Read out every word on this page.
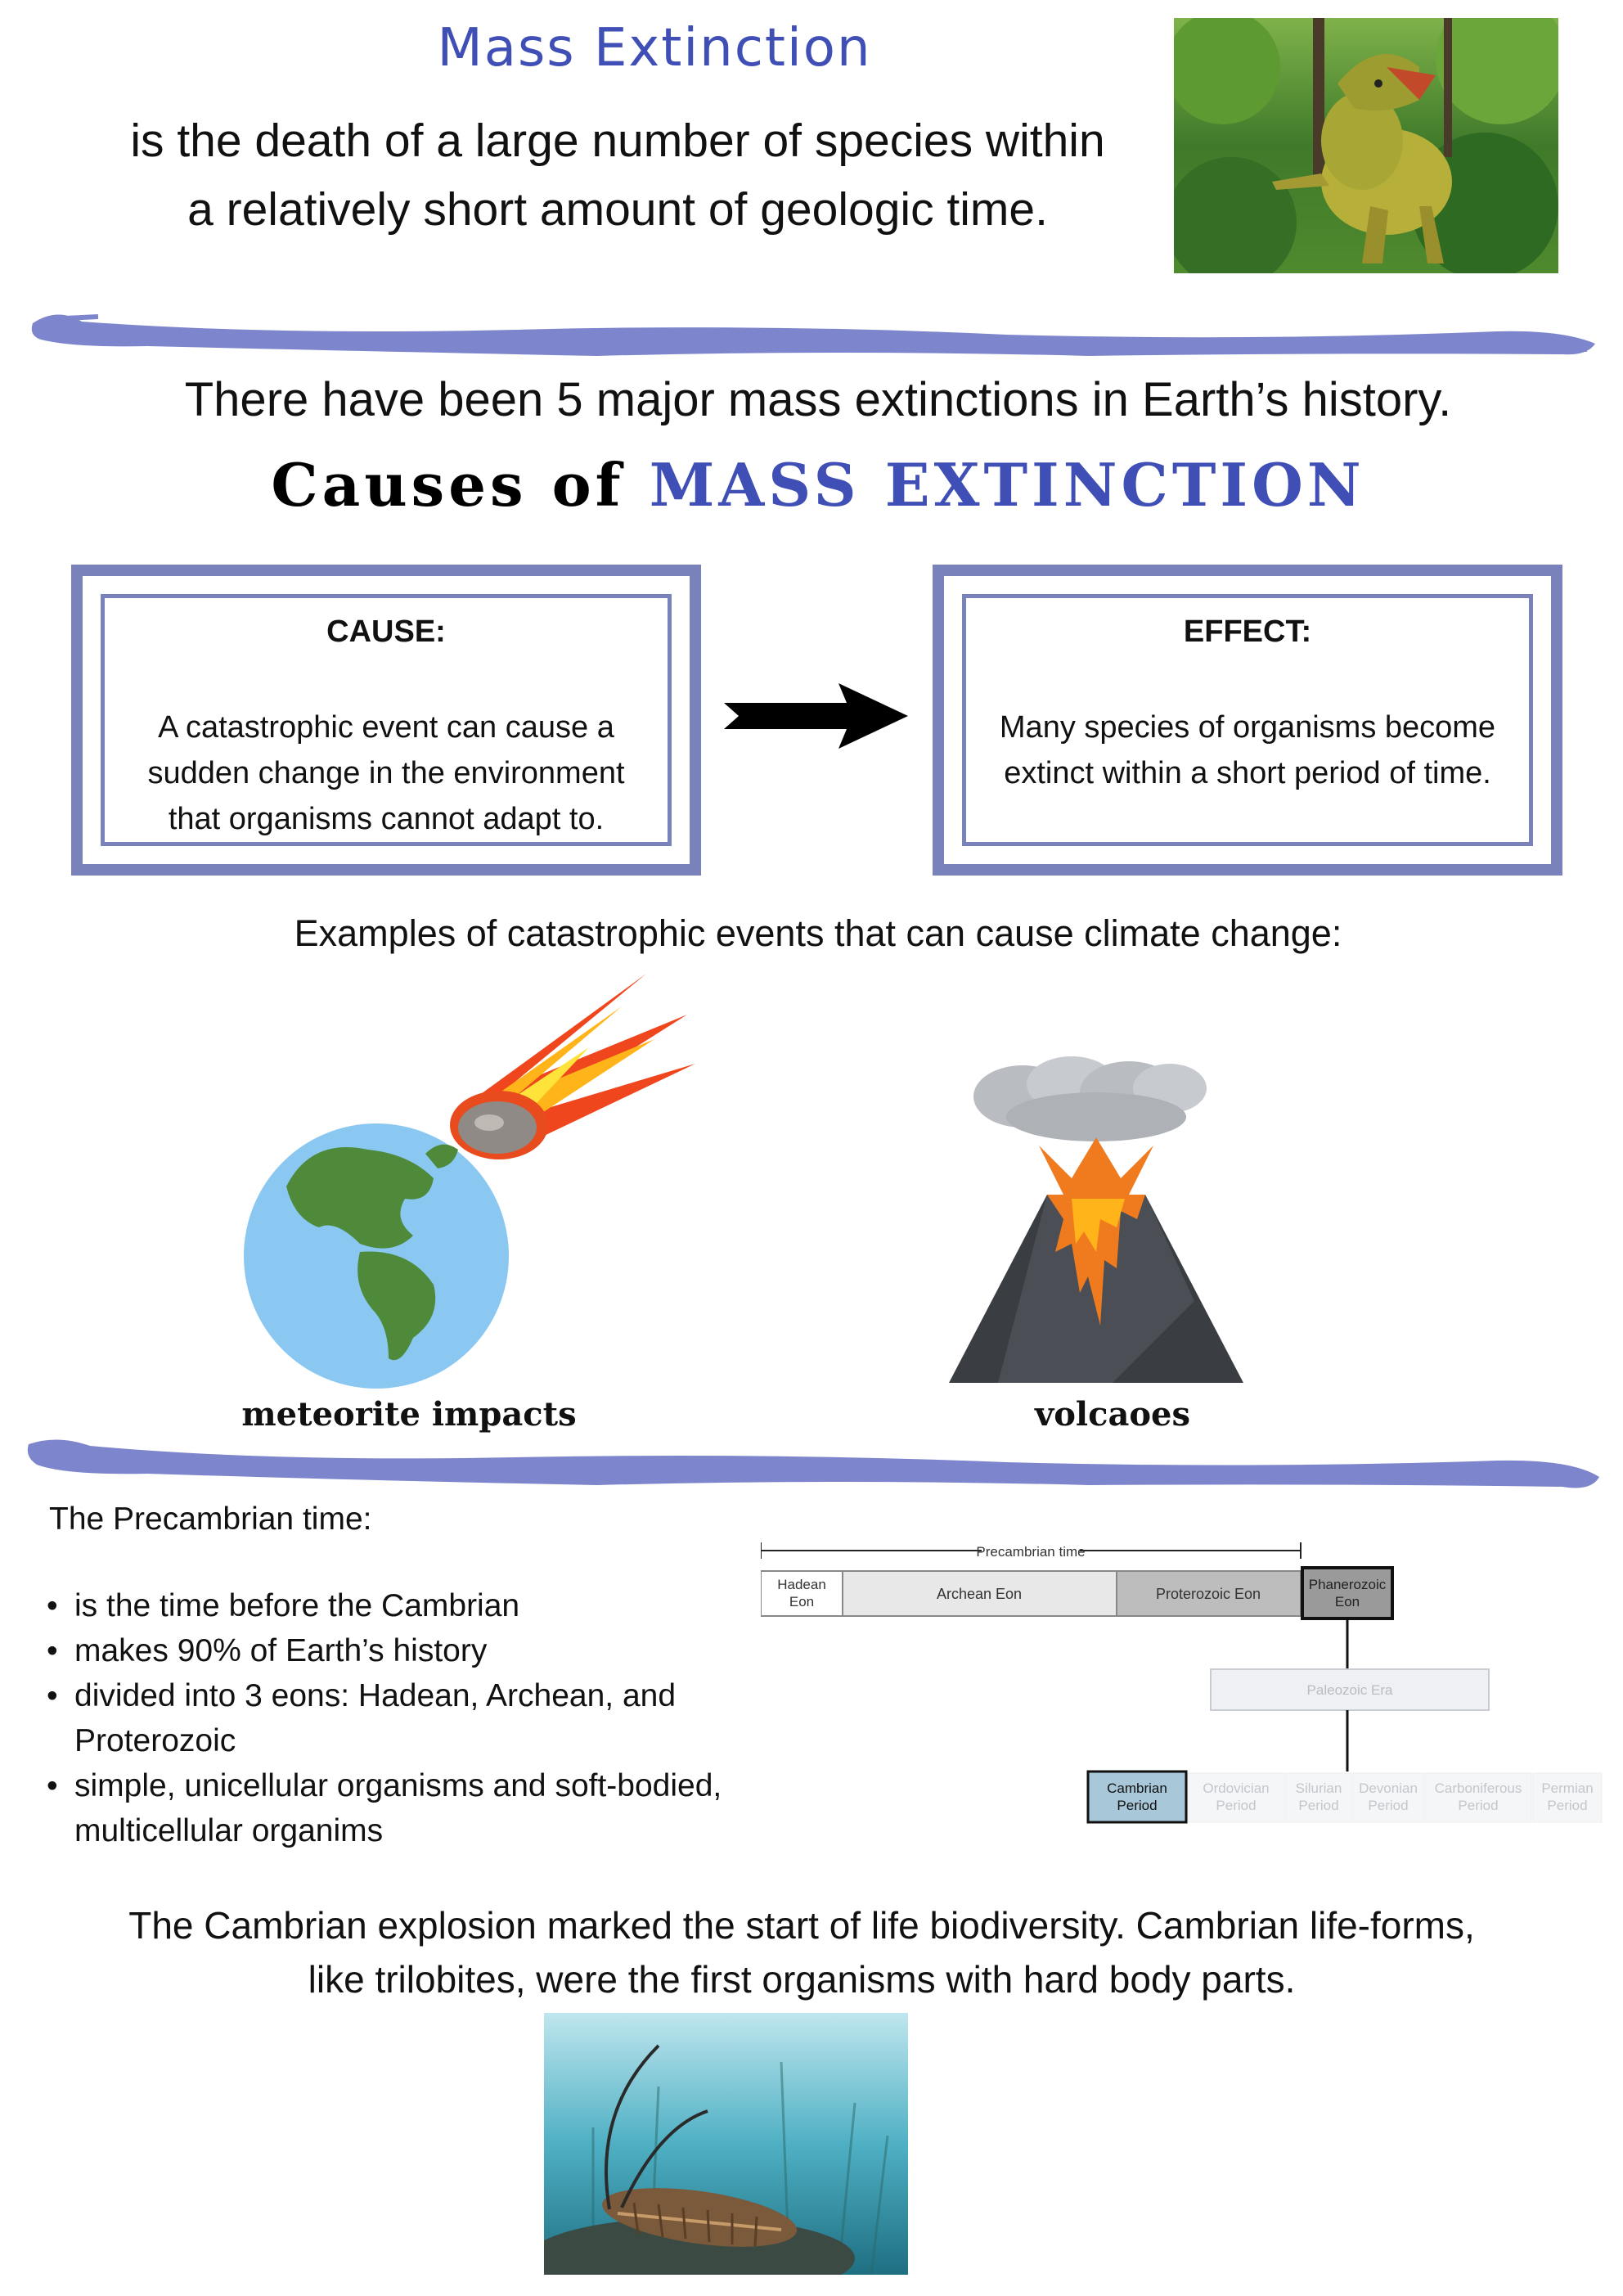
Mass Extinction
is the death of a large number of species within a relatively short amount of geologic time.
There have been 5 major mass extinctions in Earth’s history.
Causes of MASS EXTINCTION
CAUSE:
A catastrophic event can cause a sudden change in the environment that organisms cannot adapt to.
EFFECT:
Many species of organisms become extinct within a short period of time.
Examples of catastrophic events that can cause climate change:
meteorite impacts	volcaoes
The Precambrian time:
• is the time before the Cambrian
• makes 90% of Earth’s history
• divided into 3 eons: Hadean, Archean, and Proterozoic
• simple, unicellular organisms and soft-bodied, multicellular organims
Precambrian time
Hadean
Eon	Archean Eon	Proterozoic Eon
Phanerozoic
Eon
Paleozoic Era
Cambrian
Period
Ordovician
Period
Silurian
Period
Devonian
Period
Carboniferous
Period
Permian
Period
The Cambrian explosion marked the start of life biodiversity. Cambrian life-forms, like trilobites, were the first organisms with hard body parts.
